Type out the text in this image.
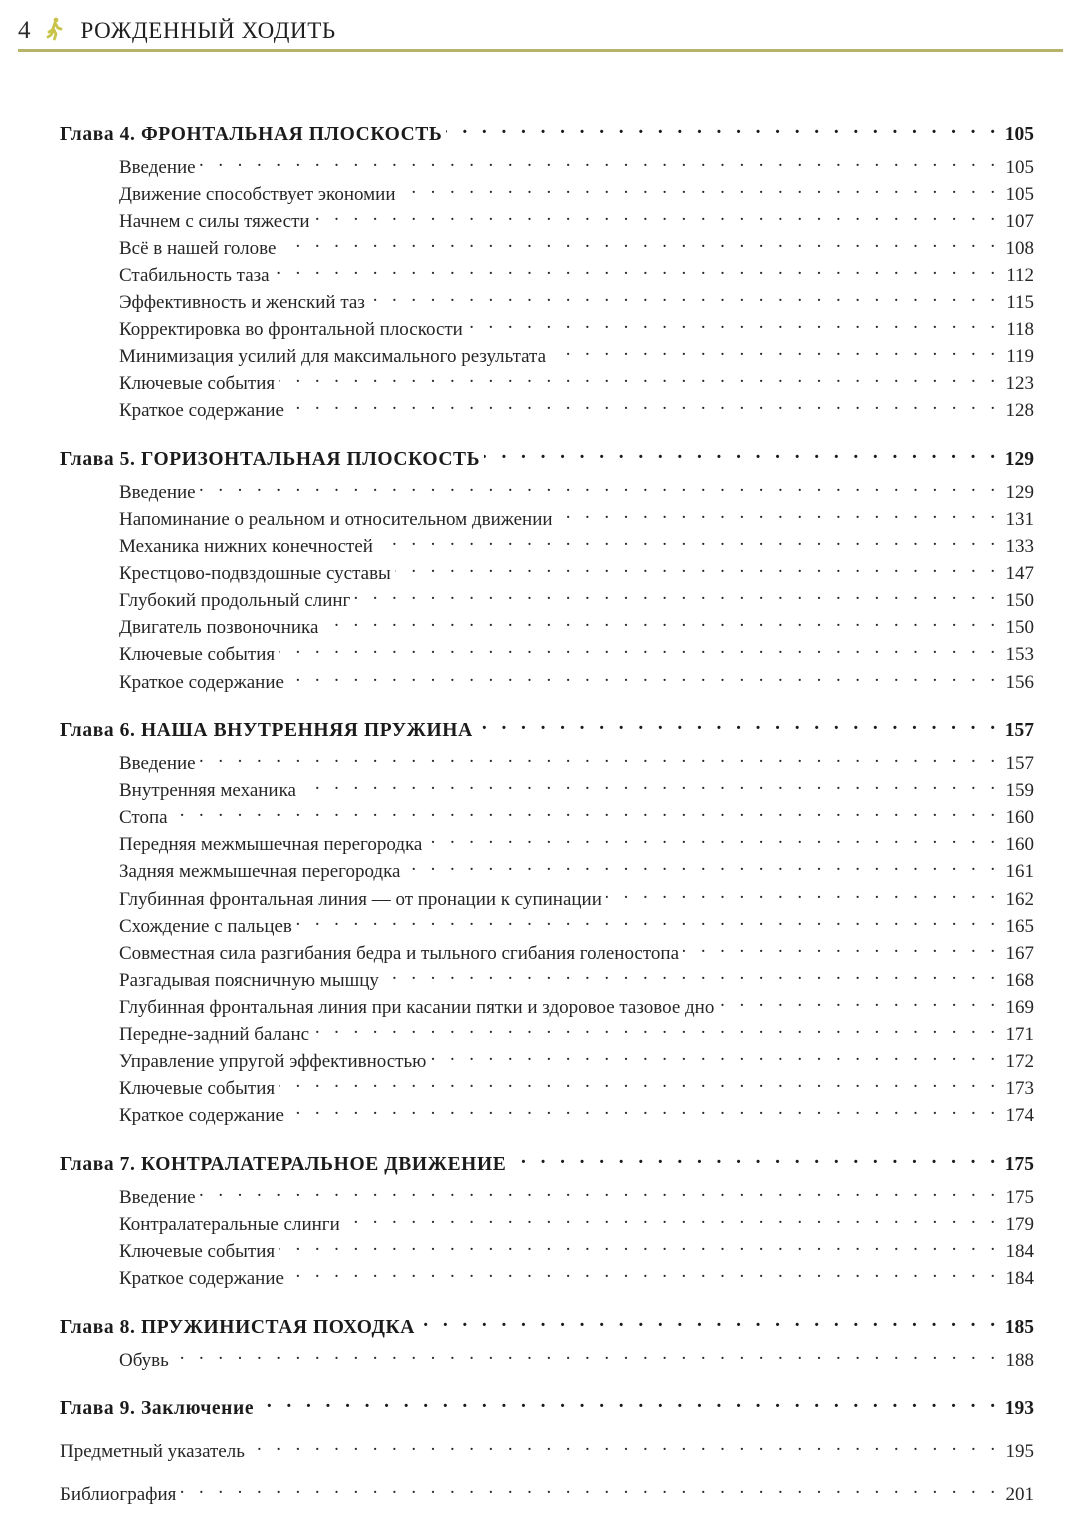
4 РОЖДЕННЫЙ ХОДИТЬ
Глава 4. ФРОНТАЛЬНАЯ ПЛОСКОСТЬ . . .	105
Введение . . .	105
Движение способствует экономии . . .	105
Начнем с силы тяжести . . .	107
Всё в нашей голове . . .	108
Стабильность таза . . .	112
Эффективность и женский таз . . .	115
Корректировка во фронтальной плоскости . . .	118
Минимизация усилий для максимального результата . . .	119
Ключевые события . . .	123
Краткое содержание . . .	128
Глава 5. ГОРИЗОНТАЛЬНАЯ ПЛОСКОСТЬ . . .	129
Введение . . .	129
Напоминание о реальном и относительном движении . . .	131
Механика нижних конечностей . . .	133
Крестцово-подвздошные суставы . . .	147
Глубокий продольный слинг . . .	150
Двигатель позвоночника . . .	150
Ключевые события . . .	153
Краткое содержание . . .	156
Глава 6. НАША ВНУТРЕННЯЯ ПРУЖИНА . . .	157
Введение . . .	157
Внутренняя механика . . .	159
Стопа . . .	160
Передняя межмышечная перегородка . . .	160
Задняя межмышечная перегородка . . .	161
Глубинная фронтальная линия — от пронации к супинации . . .	162
Схождение с пальцев . . .	165
Совместная сила разгибания бедра и тыльного сгибания голеностопа . . .	167
Разгадывая поясничную мышцу . . .	168
Глубинная фронтальная линия при касании пятки и здоровое тазовое дно . . .	169
Передне-задний баланс . . .	171
Управление упругой эффективностью . . .	172
Ключевые события . . .	173
Краткое содержание . . .	174
Глава 7. КОНТРАЛАТЕРАЛЬНОЕ ДВИЖЕНИЕ . . .	175
Введение . . .	175
Контралатеральные слинги . . .	179
Ключевые события . . .	184
Краткое содержание . . .	184
Глава 8. ПРУЖИНИСТАЯ ПОХОДКА . . .	185
Обувь . . .	188
Глава 9. Заключение . . .	193
Предметный указатель . . .	195
Библиография . . .	201
